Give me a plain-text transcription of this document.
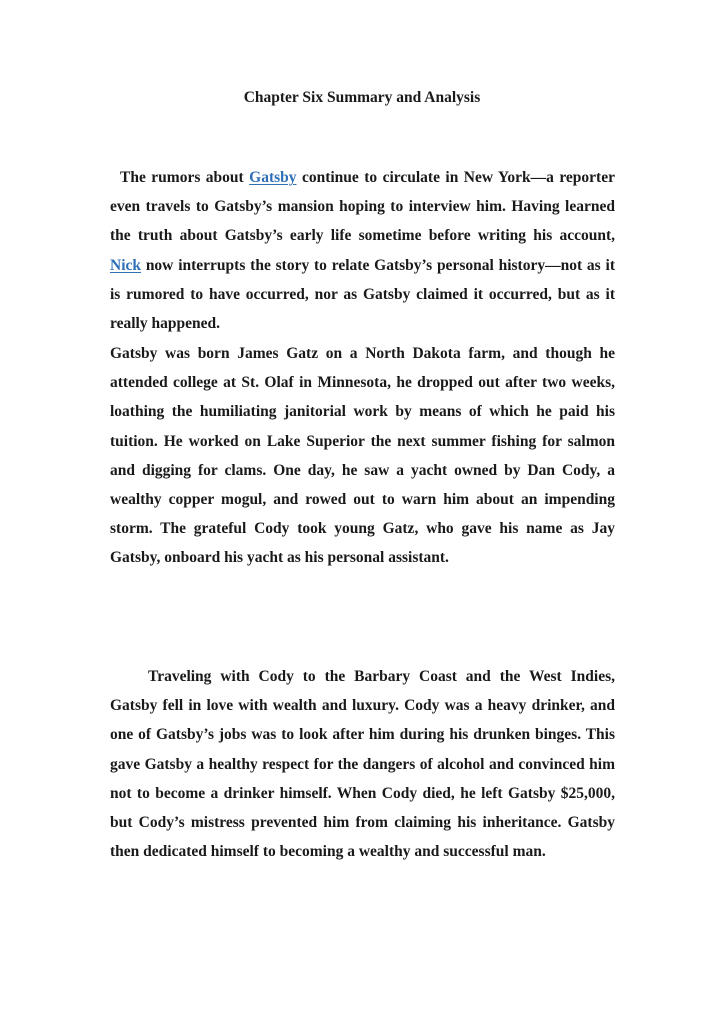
Chapter Six Summary and Analysis

The rumors about Gatsby continue to circulate in New York—a reporter even travels to Gatsby’s mansion hoping to interview him. Having learned the truth about Gatsby’s early life sometime before writing his account, Nick now interrupts the story to relate Gatsby’s personal history—not as it is rumored to have occurred, nor as Gatsby claimed it occurred, but as it really happened.

Gatsby was born James Gatz on a North Dakota farm, and though he attended college at St. Olaf in Minnesota, he dropped out after two weeks, loathing the humiliating janitorial work by means of which he paid his tuition. He worked on Lake Superior the next summer fishing for salmon and digging for clams. One day, he saw a yacht owned by Dan Cody, a wealthy copper mogul, and rowed out to warn him about an impending storm. The grateful Cody took young Gatz, who gave his name as Jay Gatsby, onboard his yacht as his personal assistant.

Traveling with Cody to the Barbary Coast and the West Indies, Gatsby fell in love with wealth and luxury. Cody was a heavy drinker, and one of Gatsby’s jobs was to look after him during his drunken binges. This gave Gatsby a healthy respect for the dangers of alcohol and convinced him not to become a drinker himself. When Cody died, he left Gatsby $25,000, but Cody’s mistress prevented him from claiming his inheritance. Gatsby then dedicated himself to becoming a wealthy and successful man.
